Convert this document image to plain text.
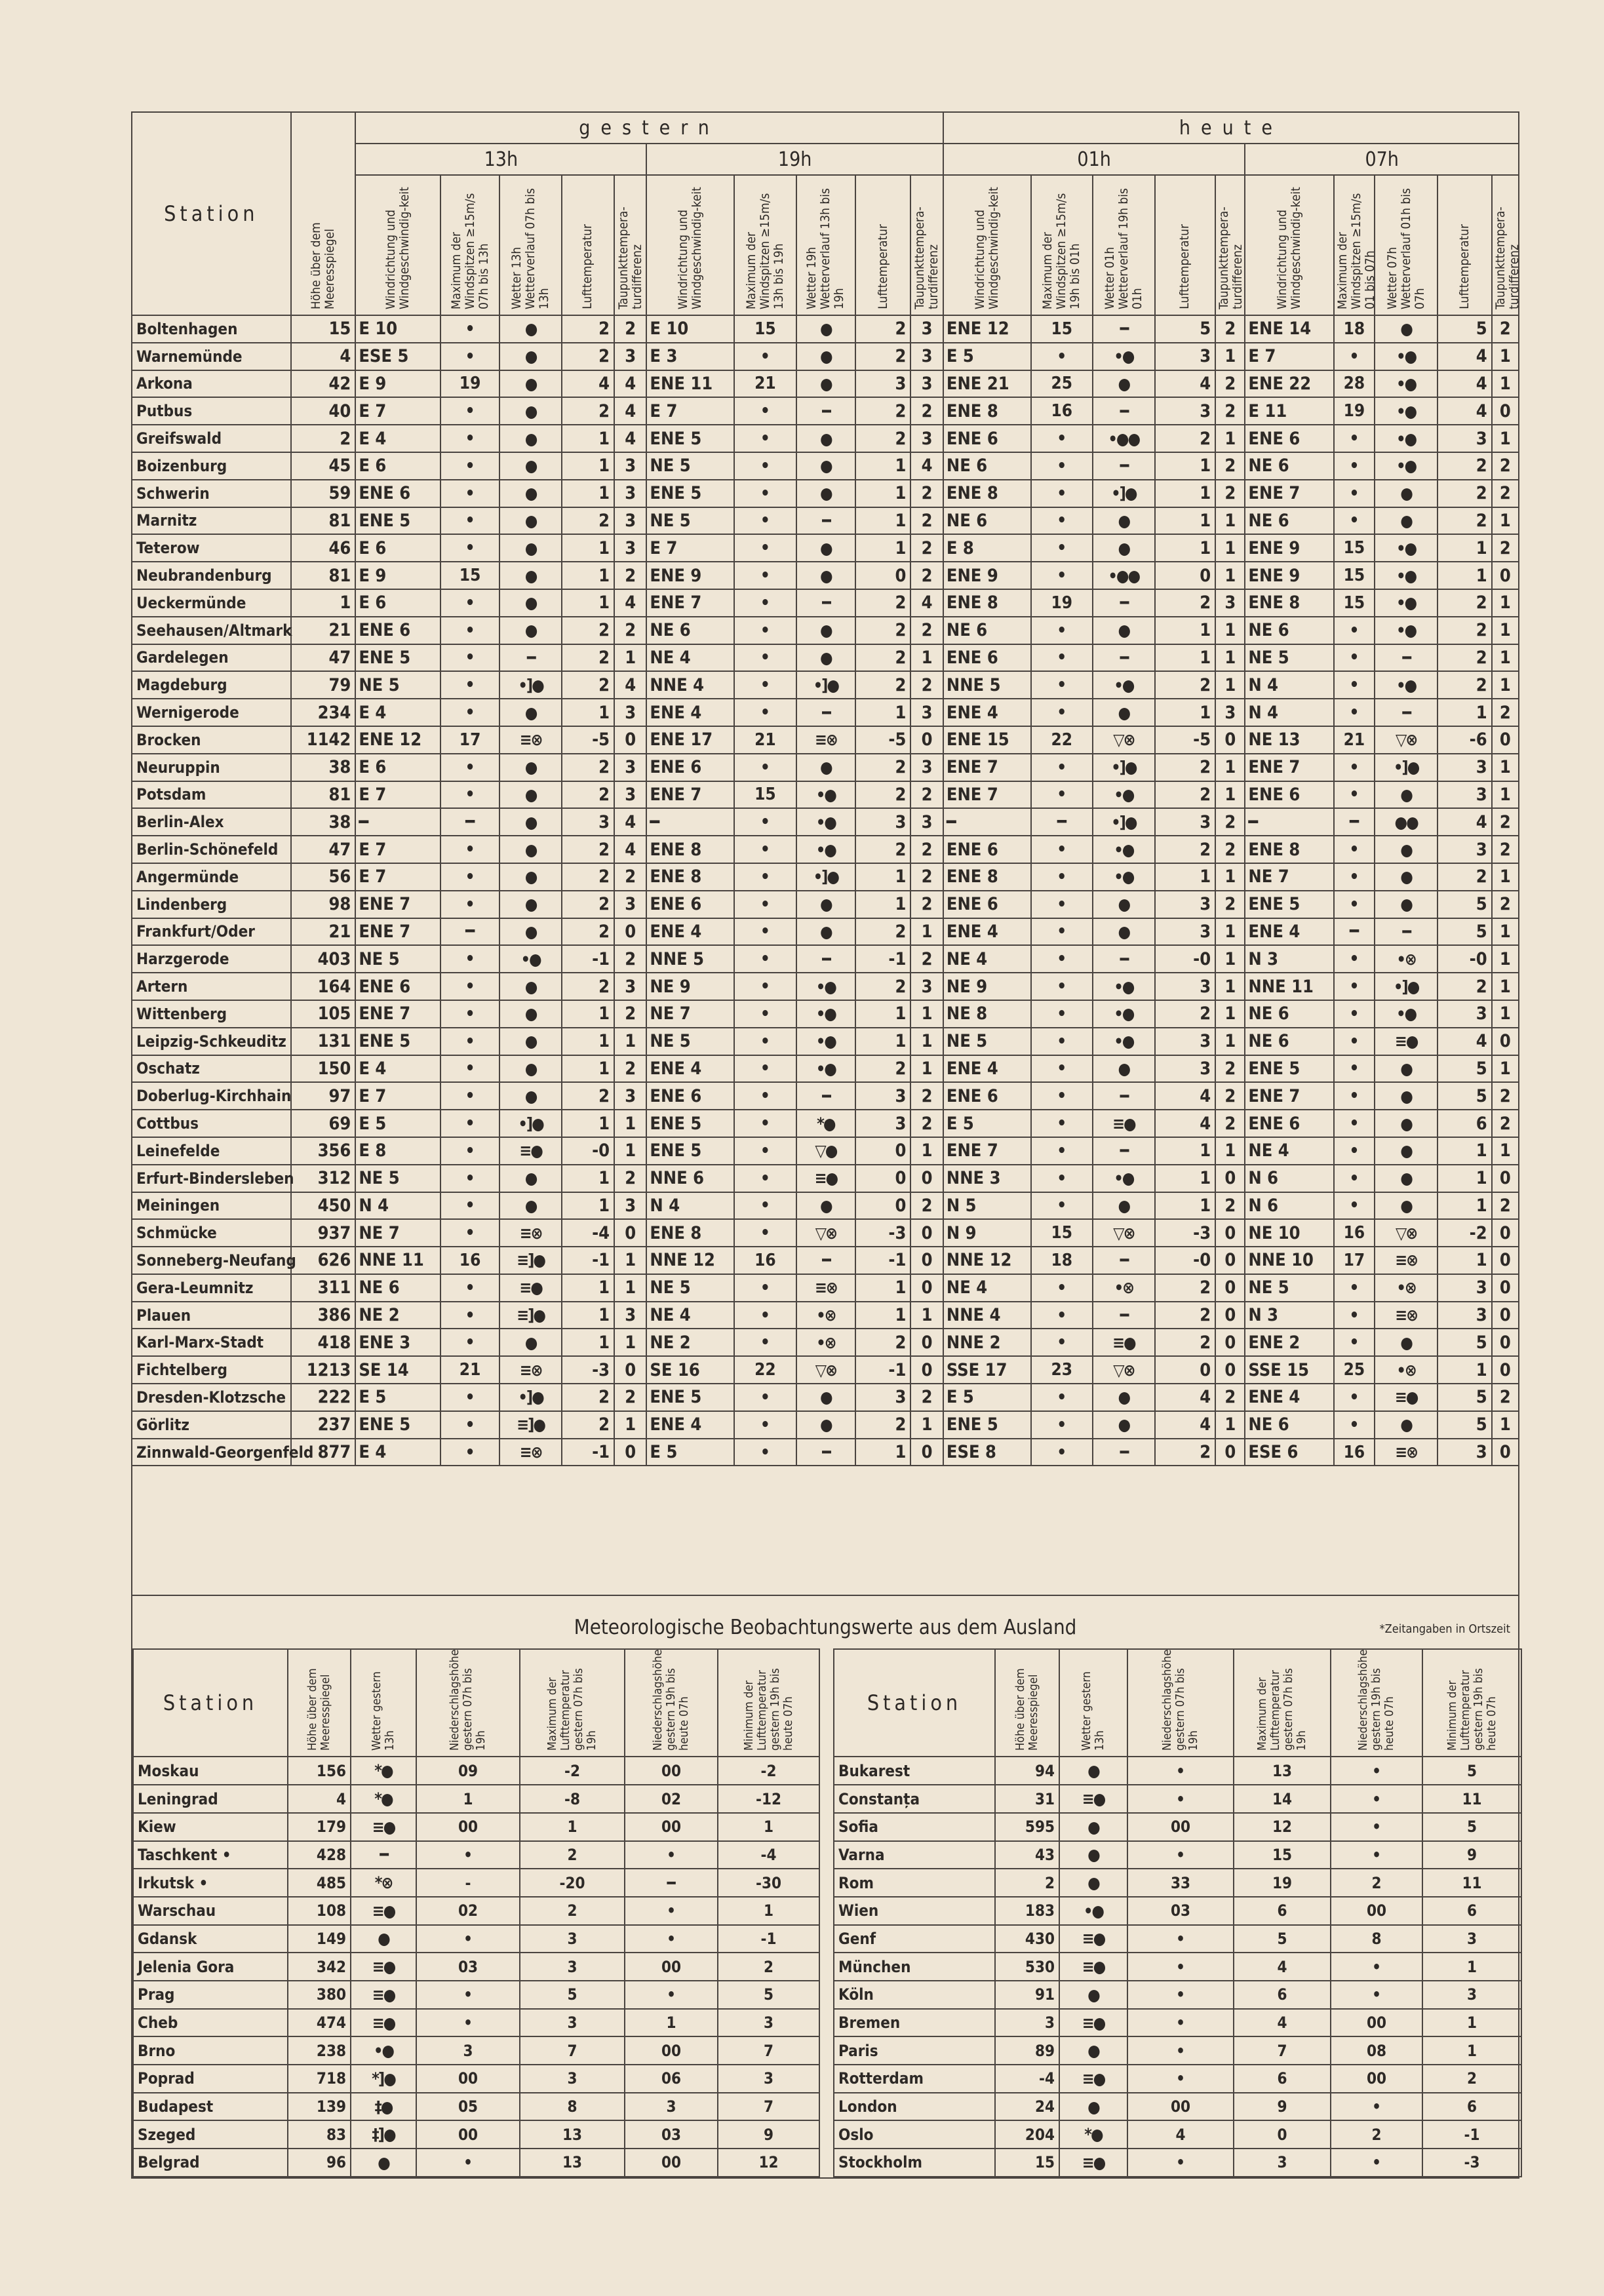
Station	Höhe über dem Meeresspiegel	gestern										heute									
		13h					19h					01h					07h				
		Windrichtung und Windgeschwindig-keit	Maximum der Windspitzen ≥15m/s 07h bis 13h	Wetter 13h Wetterverlauf 07h bis 13h	Lufttemperatur	Taupunkttempera-turdifferenz	Windrichtung und Windgeschwindig-keit	Maximum der Windspitzen ≥15m/s 13h bis 19h	Wetter 19h Wetterverlauf 13h bis 19h	Lufttemperatur	Taupunkttempera-turdifferenz	Windrichtung und Windgeschwindig-keit	Maximum der Windspitzen ≥15m/s 19h bis 01h	Wetter 01h Wetterverlauf 19h bis 01h	Lufttemperatur	Taupunkttempera-turdifferenz	Windrichtung und Windgeschwindig-keit	Maximum der Windspitzen ≥15m/s 01 bis 07h	Wetter 07h Wetterverlauf 01h bis 07h	Lufttemperatur	Taupunkttempera-turdifferenz
Boltenhagen	15	E 10	•	●	2	2	E 10	15	●	2	3	ENE 12	15	━	5	2	ENE 14	18	●	5	2
Warnemünde	4	ESE 5	•	●	2	3	E 3	•	●	2	3	E 5	•	•●	3	1	E 7	•	•●	4	1
Arkona	42	E 9	19	●	4	4	ENE 11	21	●	3	3	ENE 21	25	●	4	2	ENE 22	28	•●	4	1
Putbus	40	E 7	•	●	2	4	E 7	•	━	2	2	ENE 8	16	━	3	2	E 11	19	•●	4	0
Greifswald	2	E 4	•	●	1	4	ENE 5	•	●	2	3	ENE 6	•	•●●	2	1	ENE 6	•	•●	3	1
Boizenburg	45	E 6	•	●	1	3	NE 5	•	●	1	4	NE 6	•	━	1	2	NE 6	•	•●	2	2
Schwerin	59	ENE 6	•	●	1	3	ENE 5	•	●	1	2	ENE 8	•	•]●	1	2	ENE 7	•	●	2	2
Marnitz	81	ENE 5	•	●	2	3	NE 5	•	━	1	2	NE 6	•	●	1	1	NE 6	•	●	2	1
Teterow	46	E 6	•	●	1	3	E 7	•	●	1	2	E 8	•	●	1	1	ENE 9	15	•●	1	2
Neubrandenburg	81	E 9	15	●	1	2	ENE 9	•	●	0	2	ENE 9	•	•●●	0	1	ENE 9	15	•●	1	0
Ueckermünde	1	E 6	•	●	1	4	ENE 7	•	━	2	4	ENE 8	19	━	2	3	ENE 8	15	•●	2	1
Seehausen/Altmark	21	ENE 6	•	●	2	2	NE 6	•	●	2	2	NE 6	•	●	1	1	NE 6	•	•●	2	1
Gardelegen	47	ENE 5	•	━	2	1	NE 4	•	●	2	1	ENE 6	•	━	1	1	NE 5	•	━	2	1
Magdeburg	79	NE 5	•	•]●	2	4	NNE 4	•	•]●	2	2	NNE 5	•	•●	2	1	N 4	•	•●	2	1
Wernigerode	234	E 4	•	●	1	3	ENE 4	•	━	1	3	ENE 4	•	●	1	3	N 4	•	━	1	2
Brocken	1142	ENE 12	17	≡⊗	-5	0	ENE 17	21	≡⊗	-5	0	ENE 15	22	▽⊗	-5	0	NE 13	21	▽⊗	-6	0
Neuruppin	38	E 6	•	●	2	3	ENE 6	•	●	2	3	ENE 7	•	•]●	2	1	ENE 7	•	•]●	3	1
Potsdam	81	E 7	•	●	2	3	ENE 7	15	•●	2	2	ENE 7	•	•●	2	1	ENE 6	•	●	3	1
Berlin-Alex	38	━	━	●	3	4	━	•	•●	3	3	━	━	•]●	3	2	━	━	●●	4	2
Berlin-Schönefeld	47	E 7	•	●	2	4	ENE 8	•	•●	2	2	ENE 6	•	•●	2	2	ENE 8	•	●	3	2
Angermünde	56	E 7	•	●	2	2	ENE 8	•	•]●	1	2	ENE 8	•	•●	1	1	NE 7	•	●	2	1
Lindenberg	98	ENE 7	•	●	2	3	ENE 6	•	●	1	2	ENE 6	•	●	3	2	ENE 5	•	●	5	2
Frankfurt/Oder	21	ENE 7	━	●	2	0	ENE 4	•	●	2	1	ENE 4	•	●	3	1	ENE 4	━	━	5	1
Harzgerode	403	NE 5	•	•●	-1	2	NNE 5	•	━	-1	2	NE 4	•	━	-0	1	N 3	•	•⊗	-0	1
Artern	164	ENE 6	•	●	2	3	NE 9	•	•●	2	3	NE 9	•	•●	3	1	NNE 11	•	•]●	2	1
Wittenberg	105	ENE 7	•	●	1	2	NE 7	•	•●	1	1	NE 8	•	•●	2	1	NE 6	•	•●	3	1
Leipzig-Schkeuditz	131	ENE 5	•	●	1	1	NE 5	•	•●	1	1	NE 5	•	•●	3	1	NE 6	•	≡●	4	0
Oschatz	150	E 4	•	●	1	2	ENE 4	•	•●	2	1	ENE 4	•	●	3	2	ENE 5	•	●	5	1
Doberlug-Kirchhain	97	E 7	•	●	2	3	ENE 6	•	━	3	2	ENE 6	•	━	4	2	ENE 7	•	●	5	2
Cottbus	69	E 5	•	•]●	1	1	ENE 5	•	*●	3	2	E 5	•	≡●	4	2	ENE 6	•	●	6	2
Leinefelde	356	E 8	•	≡●	-0	1	ENE 5	•	▽●	0	1	ENE 7	•	━	1	1	NE 4	•	●	1	1
Erfurt-Bindersleben	312	NE 5	•	●	1	2	NNE 6	•	≡●	0	0	NNE 3	•	•●	1	0	N 6	•	●	1	0
Meiningen	450	N 4	•	●	1	3	N 4	•	●	0	2	N 5	•	●	1	2	N 6	•	●	1	2
Schmücke	937	NE 7	•	≡⊗	-4	0	ENE 8	•	▽⊗	-3	0	N 9	15	▽⊗	-3	0	NE 10	16	▽⊗	-2	0
Sonneberg-Neufang	626	NNE 11	16	≡]●	-1	1	NNE 12	16	━	-1	0	NNE 12	18	━	-0	0	NNE 10	17	≡⊗	1	0
Gera-Leumnitz	311	NE 6	•	≡●	1	1	NE 5	•	≡⊗	1	0	NE 4	•	•⊗	2	0	NE 5	•	•⊗	3	0
Plauen	386	NE 2	•	≡]●	1	3	NE 4	•	•⊗	1	1	NNE 4	•	━	2	0	N 3	•	≡⊗	3	0
Karl-Marx-Stadt	418	ENE 3	•	●	1	1	NE 2	•	•⊗	2	0	NNE 2	•	≡●	2	0	ENE 2	•	●	5	0
Fichtelberg	1213	SE 14	21	≡⊗	-3	0	SE 16	22	▽⊗	-1	0	SSE 17	23	▽⊗	0	0	SSE 15	25	•⊗	1	0
Dresden-Klotzsche	222	E 5	•	•]●	2	2	ENE 5	•	●	3	2	E 5	•	●	4	2	ENE 4	•	≡●	5	2
Görlitz	237	ENE 5	•	≡]●	2	1	ENE 4	•	●	2	1	ENE 5	•	●	4	1	NE 6	•	●	5	1
Zinnwald-Georgenfeld	877	E 4	•	≡⊗	-1	0	E 5	•	━	1	0	ESE 8	•	━	2	0	ESE 6	16	≡⊗	3	0
Meteorologische Beobachtungswerte aus dem Ausland	*Zeitangaben in Ortszeit
Station	Höhe über dem Meeresspiegel	Wetter gestern 13h	Niederschlagshöhe gestern 07h bis 19h	Maximum der Lufttemperatur gestern 07h bis 19h	Niederschlagshöhe gestern 19h bis heute 07h	Minimum der Lufttemperatur gestern 19h bis heute 07h		Station	Höhe über dem Meeresspiegel	Wetter gestern 13h	Niederschlagshöhe gestern 07h bis 19h	Maximum der Lufttemperatur gestern 07h bis 19h	Niederschlagshöhe gestern 19h bis heute 07h	Minimum der Lufttemperatur gestern 19h bis heute 07h
Moskau	156	*●	09	-2	00	-2		Bukarest	94	●	•	13	•	5
Leningrad	4	*●	1	-8	02	-12		Constanța	31	≡●	•	14	•	11
Kiew	179	≡●	00	1	00	1		Sofia	595	●	00	12	•	5
Taschkent •	428	━	•	2	•	-4		Varna	43	●	•	15	•	9
Irkutsk •	485	*⊗	-	-20	━	-30		Rom	2	●	33	19	2	11
Warschau	108	≡●	02	2	•	1		Wien	183	•●	03	6	00	6
Gdansk	149	●	•	3	•	-1		Genf	430	≡●	•	5	8	3
Jelenia Gora	342	≡●	03	3	00	2		München	530	≡●	•	4	•	1
Prag	380	≡●	•	5	•	5		Köln	91	●	•	6	•	3
Cheb	474	≡●	•	3	1	3		Bremen	3	≡●	•	4	00	1
Brno	238	•●	3	7	00	7		Paris	89	●	•	7	08	1
Poprad	718	*]●	00	3	06	3		Rotterdam	-4	≡●	•	6	00	2
Budapest	139	‡●	05	8	3	7		London	24	●	00	9	•	6
Szeged	83	‡]●	00	13	03	9		Oslo	204	*●	4	0	2	-1
Belgrad	96	●	•	13	00	12		Stockholm	15	≡●	•	3	•	-3
